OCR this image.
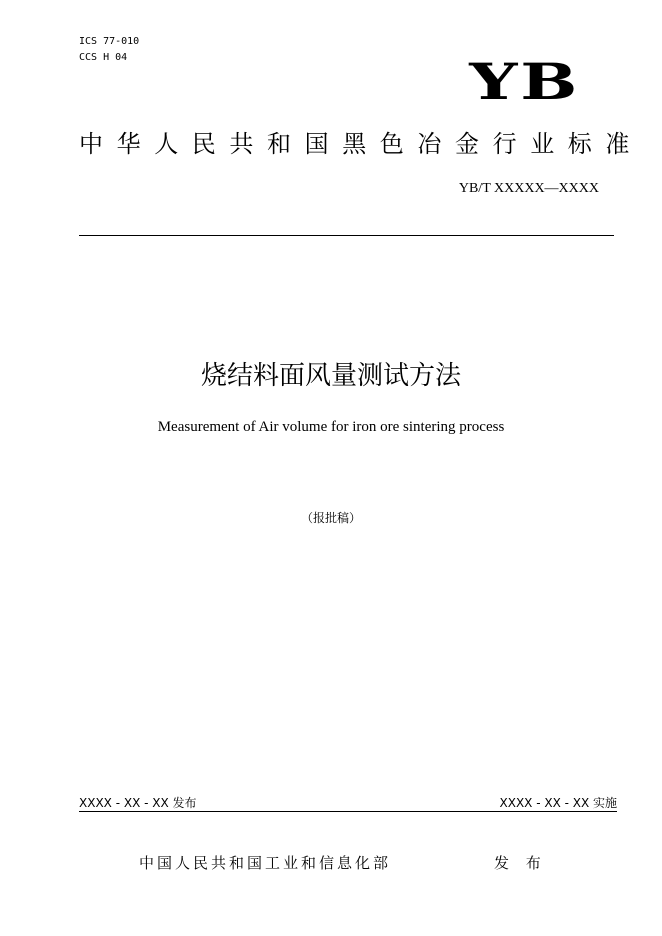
ICS 77-010
CCS H 04	YB
中华人民共和国黑色冶金行业标准
YB/T XXXXX—XXXX
烧结料面风量测试方法
Measurement of Air volume for iron ore sintering process
（报批稿）
XXXX - XX - XX 发布	XXXX - XX - XX 实施
中国人民共和国工业和信息化部	发 布
